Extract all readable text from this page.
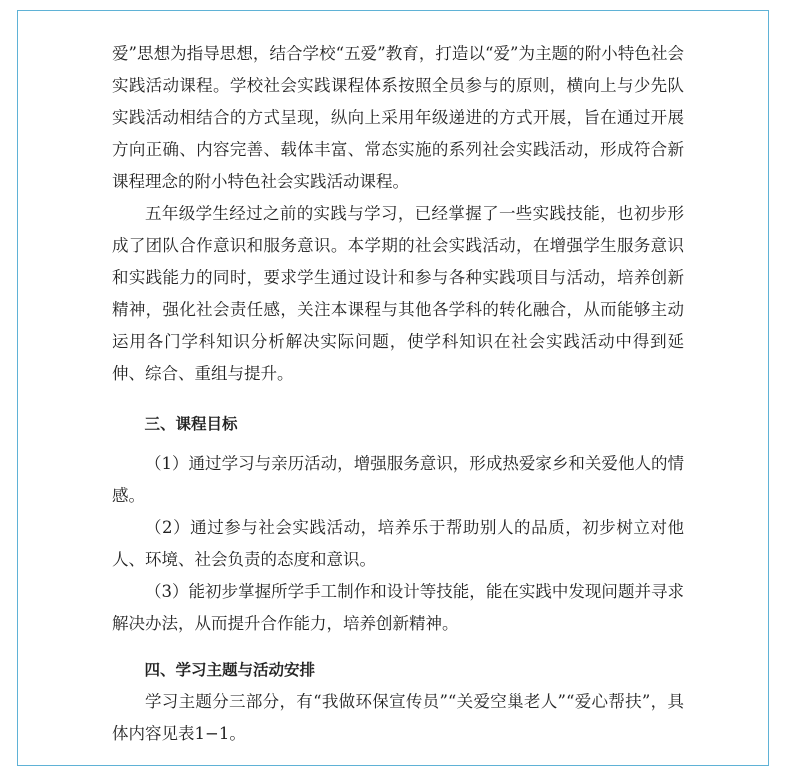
爱”思想为指导思想，结合学校“五爱”教育，打造以“爱”为主题的附小特色社会实践活动课程。学校社会实践课程体系按照全员参与的原则，横向上与少先队实践活动相结合的方式呈现，纵向上采用年级递进的方式开展，旨在通过开展方向正确、内容完善、载体丰富、常态实施的系列社会实践活动，形成符合新课程理念的附小特色社会实践活动课程。

五年级学生经过之前的实践与学习，已经掌握了一些实践技能，也初步形成了团队合作意识和服务意识。本学期的社会实践活动，在增强学生服务意识和实践能力的同时，要求学生通过设计和参与各种实践项目与活动，培养创新精神，强化社会责任感，关注本课程与其他各学科的转化融合，从而能够主动运用各门学科知识分析解决实际问题，使学科知识在社会实践活动中得到延伸、综合、重组与提升。

三、课程目标

（1）通过学习与亲历活动，增强服务意识，形成热爱家乡和关爱他人的情感。

（2）通过参与社会实践活动，培养乐于帮助别人的品质，初步树立对他人、环境、社会负责的态度和意识。

（3）能初步掌握所学手工制作和设计等技能，能在实践中发现问题并寻求解决办法，从而提升合作能力，培养创新精神。

四、学习主题与活动安排

学习主题分三部分，有“我做环保宣传员”“关爱空巢老人”“爱心帮扶”，具体内容见表1−1。
